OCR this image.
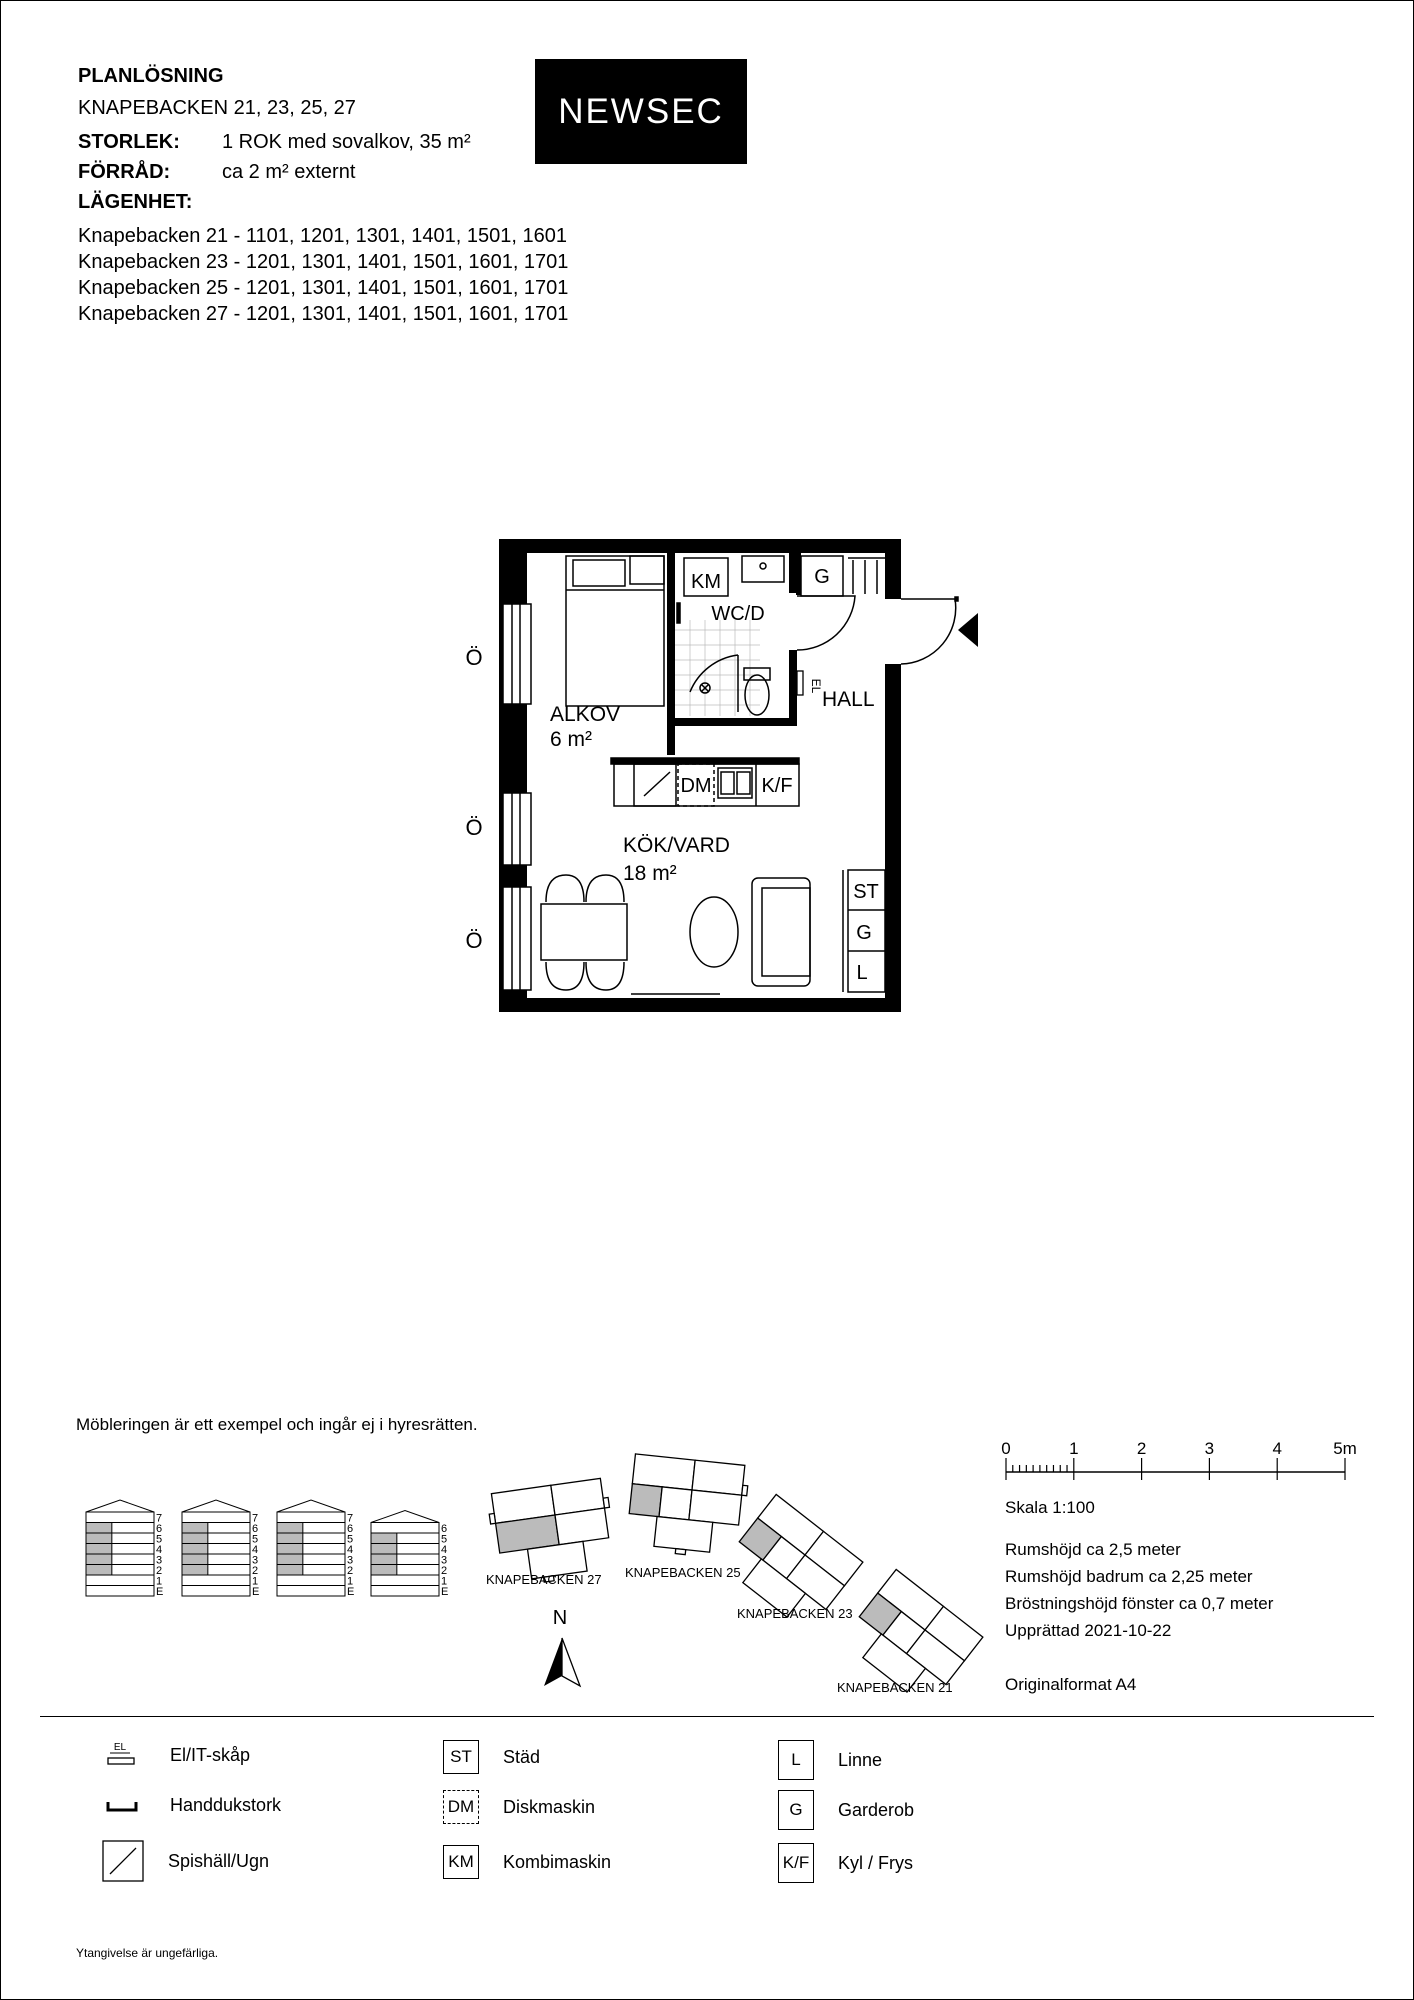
PLANLÖSNING
KNAPEBACKEN 21, 23, 25, 27
STORLEK: 1 ROK med sovalkov, 35 m²
FÖRRÅD:	ca 2 m² externt
LÄGENHET:
Knapebacken 21 - 1101, 1201, 1301, 1401, 1501, 1601
Knapebacken 23 - 1201, 1301, 1401, 1501, 1601, 1701
Knapebacken 25 - 1201, 1301, 1401, 1501, 1601, 1701
Knapebacken 27 - 1201, 1301, 1401, 1501, 1601, 1701
NEWSEC
Ö
Ö
Ö
KM
WC/D
G
EL
HALL
ALKOV
6 m²
DM K/F
KÖK/VARD
18 m²
ST
G
L
Möbleringen är ett exempel och ingår ej i hyresrätten.
0	1	2	3	4	5m
Skala 1:100
Rumshöjd ca 2,5 meter
Rumshöjd badrum ca 2,25 meter
Bröstningshöjd fönster ca 0,7 meter
Upprättad 2021-10-22
Originalformat A4
7
6
5
4
3
2
1
E
7
6
5
4
3
2
1
E
7
6
5
4
3
2
1
E
6
5
4
3
2
1
E
KNAPEBACKEN 27 KNAPEBACKEN 25
KNAPEBACKEN 23
KNAPEBACKEN 21
N
EL El/IT-skåp
Handdukstork
Spishäll/Ugn
ST	Städ
DM Diskmaskin
KM Kombimaskin
L	Linne
G	Garderob
K/F Kyl / Frys
Ytangivelse är ungefärliga.
